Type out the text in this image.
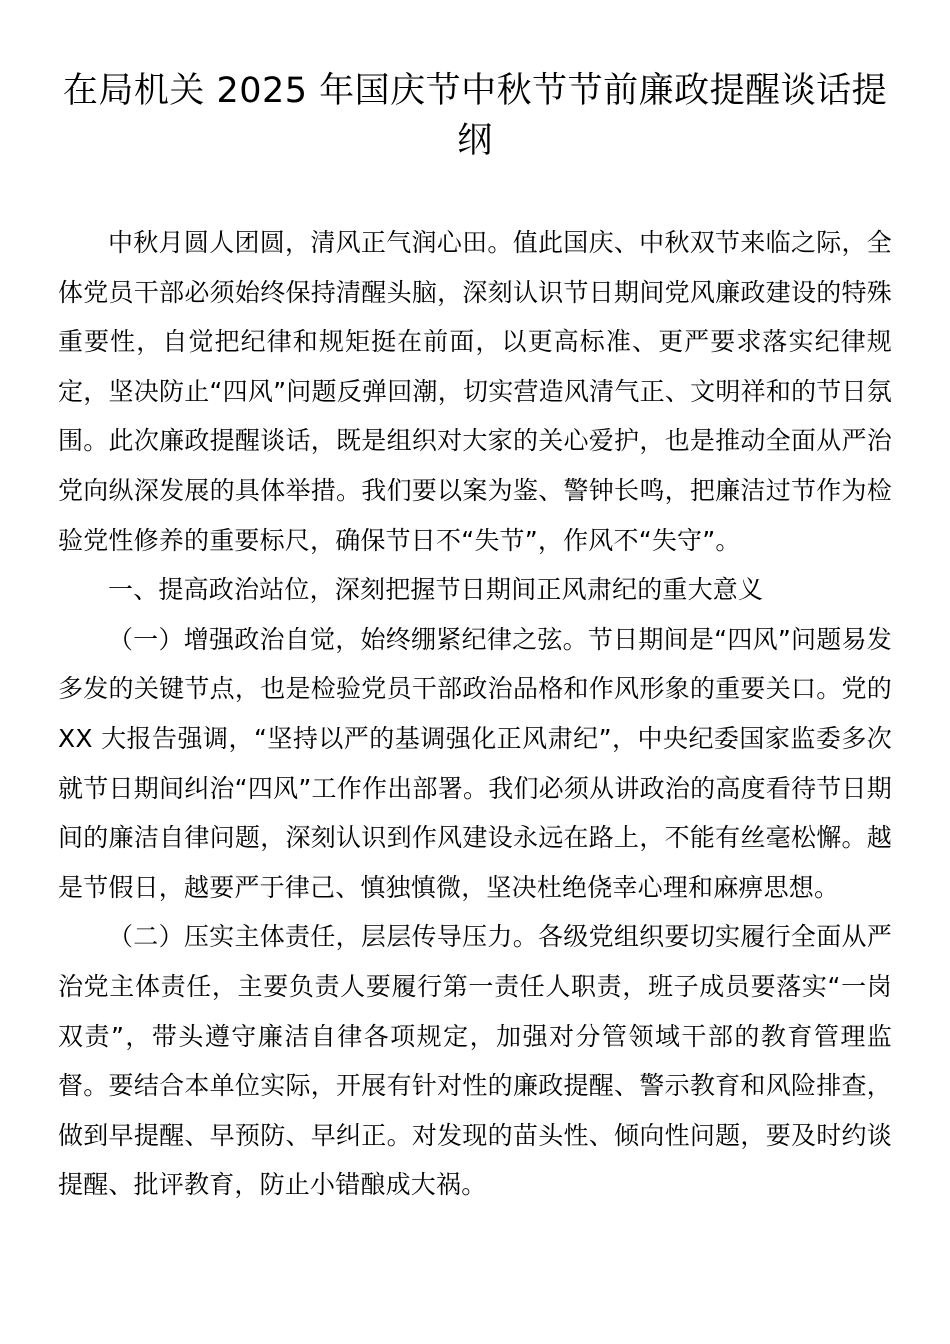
在局机关 2025 年国庆节中秋节节前廉政提醒谈话提纲

中秋月圆人团圆，清风正气润心田。值此国庆、中秋双节来临之际，全体党员干部必须始终保持清醒头脑，深刻认识节日期间党风廉政建设的特殊重要性，自觉把纪律和规矩挺在前面，以更高标准、更严要求落实纪律规定，坚决防止“四风”问题反弹回潮，切实营造风清气正、文明祥和的节日氛围。此次廉政提醒谈话，既是组织对大家的关心爱护，也是推动全面从严治党向纵深发展的具体举措。我们要以案为鉴、警钟长鸣，把廉洁过节作为检验党性修养的重要标尺，确保节日不“失节”，作风不“失守”。

一、提高政治站位，深刻把握节日期间正风肃纪的重大意义

（一）增强政治自觉，始终绷紧纪律之弦。节日期间是“四风”问题易发多发的关键节点，也是检验党员干部政治品格和作风形象的重要关口。党的 XX 大报告强调，“坚持以严的基调强化正风肃纪”，中央纪委国家监委多次就节日期间纠治“四风”工作作出部署。我们必须从讲政治的高度看待节日期间的廉洁自律问题，深刻认识到作风建设永远在路上，不能有丝毫松懈。越是节假日，越要严于律己、慎独慎微，坚决杜绝侥幸心理和麻痹思想。

（二）压实主体责任，层层传导压力。各级党组织要切实履行全面从严治党主体责任，主要负责人要履行第一责任人职责，班子成员要落实“一岗双责”，带头遵守廉洁自律各项规定，加强对分管领域干部的教育管理监督。要结合本单位实际，开展有针对性的廉政提醒、警示教育和风险排查，做到早提醒、早预防、早纠正。对发现的苗头性、倾向性问题，要及时约谈提醒、批评教育，防止小错酿成大祸。
